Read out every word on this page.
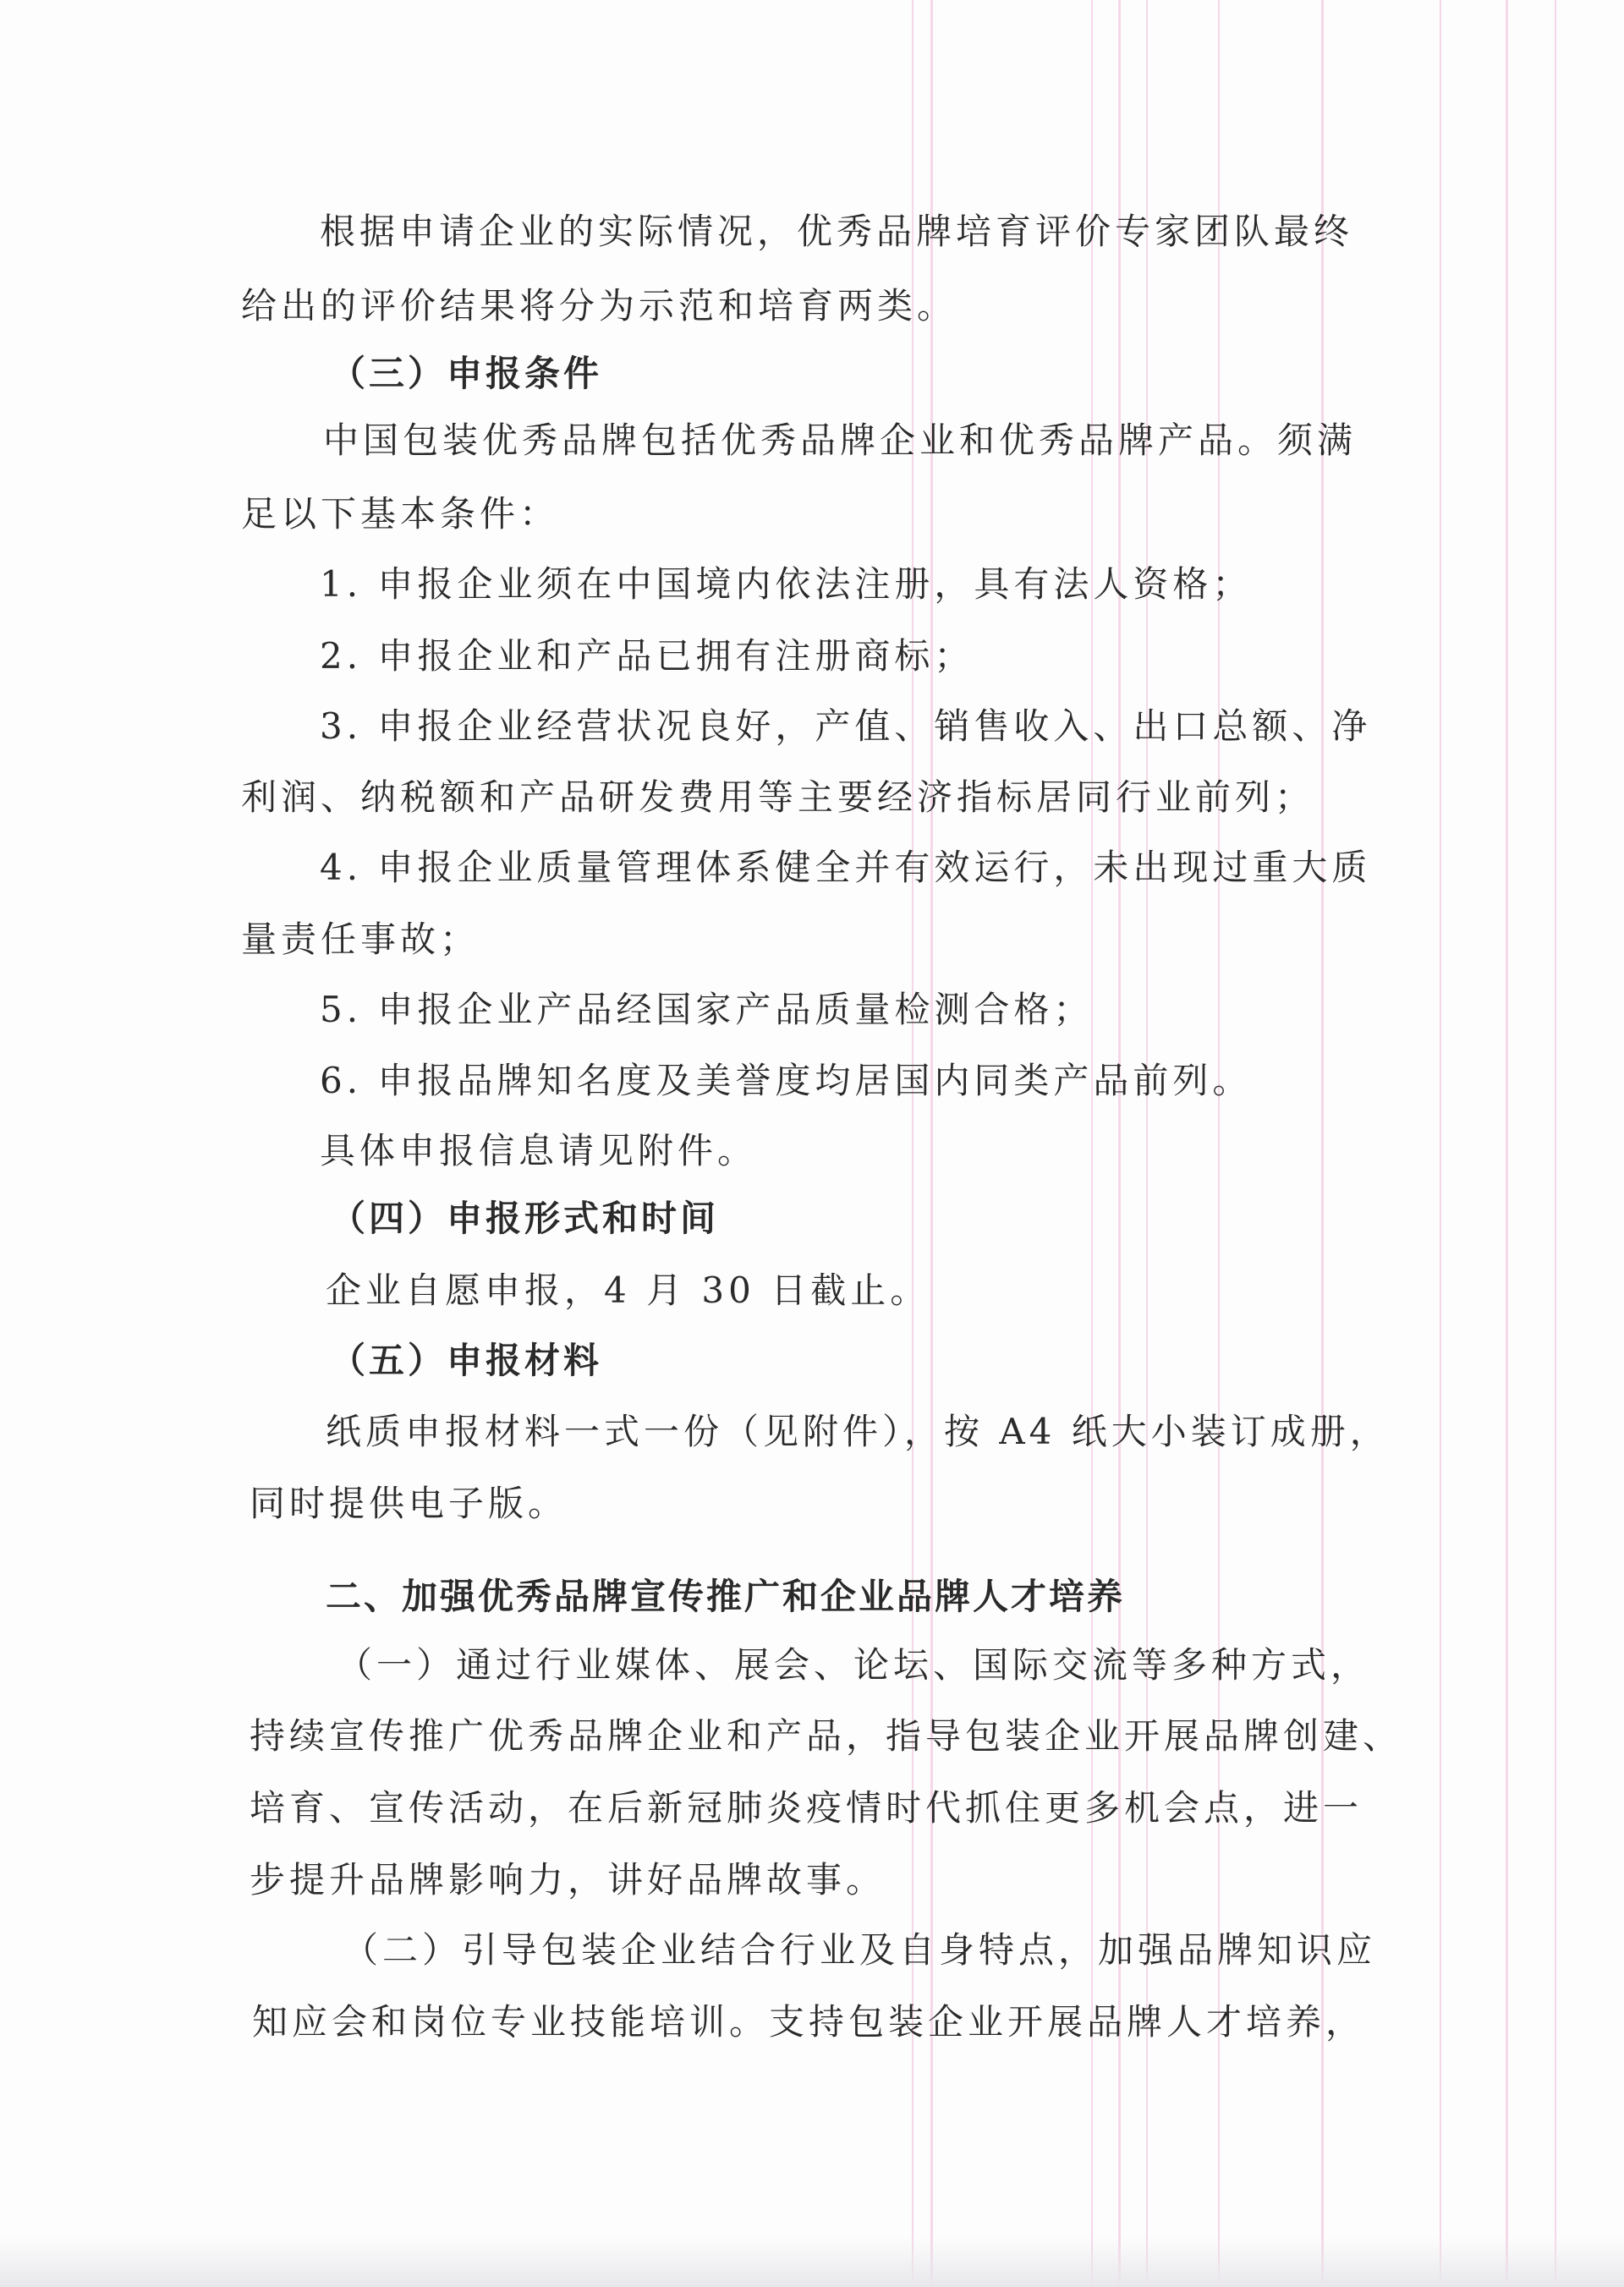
根据申请企业的实际情况，优秀品牌培育评价专家团队最终
给出的评价结果将分为示范和培育两类。
（三）申报条件
中国包装优秀品牌包括优秀品牌企业和优秀品牌产品。须满
足以下基本条件：
1. 申报企业须在中国境内依法注册，具有法人资格；
2. 申报企业和产品已拥有注册商标；
3. 申报企业经营状况良好，产值、销售收入、出口总额、净
利润、纳税额和产品研发费用等主要经济指标居同行业前列；
4. 申报企业质量管理体系健全并有效运行，未出现过重大质
量责任事故；
5. 申报企业产品经国家产品质量检测合格；
6. 申报品牌知名度及美誉度均居国内同类产品前列。
具体申报信息请见附件。
（四）申报形式和时间
企业自愿申报，4 月 30 日截止。
（五）申报材料
纸质申报材料一式一份（见附件），按 A4 纸大小装订成册，
同时提供电子版。
二、加强优秀品牌宣传推广和企业品牌人才培养
（一）通过行业媒体、展会、论坛、国际交流等多种方式，
持续宣传推广优秀品牌企业和产品，指导包装企业开展品牌创建、
培育、宣传活动，在后新冠肺炎疫情时代抓住更多机会点，进一
步提升品牌影响力，讲好品牌故事。
（二）引导包装企业结合行业及自身特点，加强品牌知识应
知应会和岗位专业技能培训。支持包装企业开展品牌人才培养，
